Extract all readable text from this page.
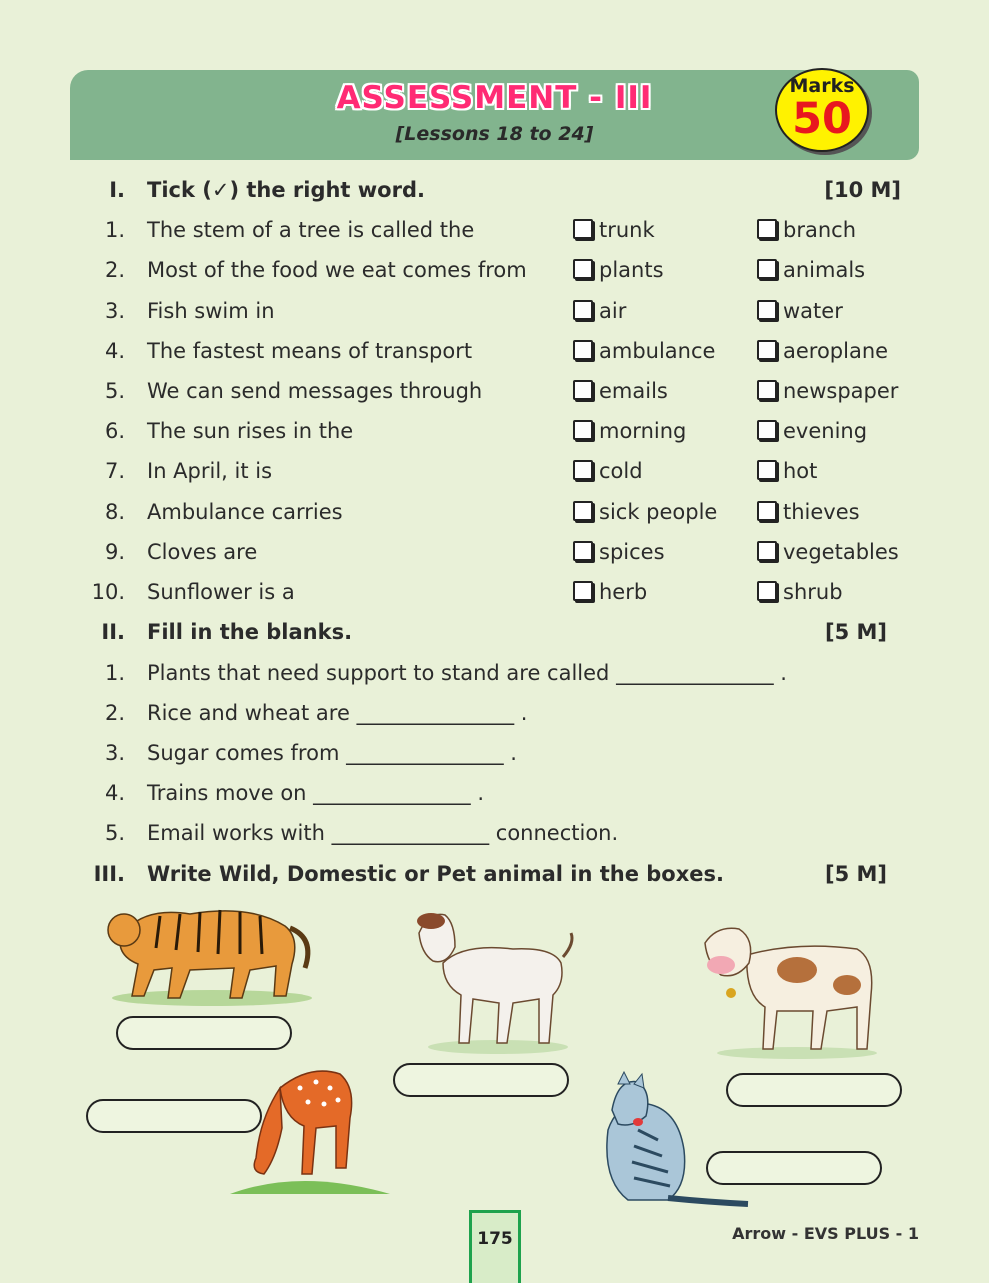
ASSESSMENT - III
[Lessons 18 to 24]
Marks
50
I. Tick (✓) the right word.	[10 M]
1. The stem of a tree is called the	trunk	branch
2. Most of the food we eat comes from	plants	animals
3. Fish swim in	air	water
4. The fastest means of transport	ambulance	aeroplane
5. We can send messages through	emails	newspaper
6. The sun rises in the	morning	evening
7. In April, it is	cold	hot
8. Ambulance carries	sick people	thieves
9. Cloves are	spices	vegetables
10. Sunflower is a	herb	shrub
II. Fill in the blanks.	[5 M]
1. Plants that need support to stand are called _______________ .
2. Rice and wheat are _______________ .
3. Sugar comes from _______________ .
4. Trains move on _______________ .
5. Email works with _______________ connection.
III. Write Wild, Domestic or Pet animal in the boxes.	[5 M]
175	Arrow - EVS PLUS - 1
